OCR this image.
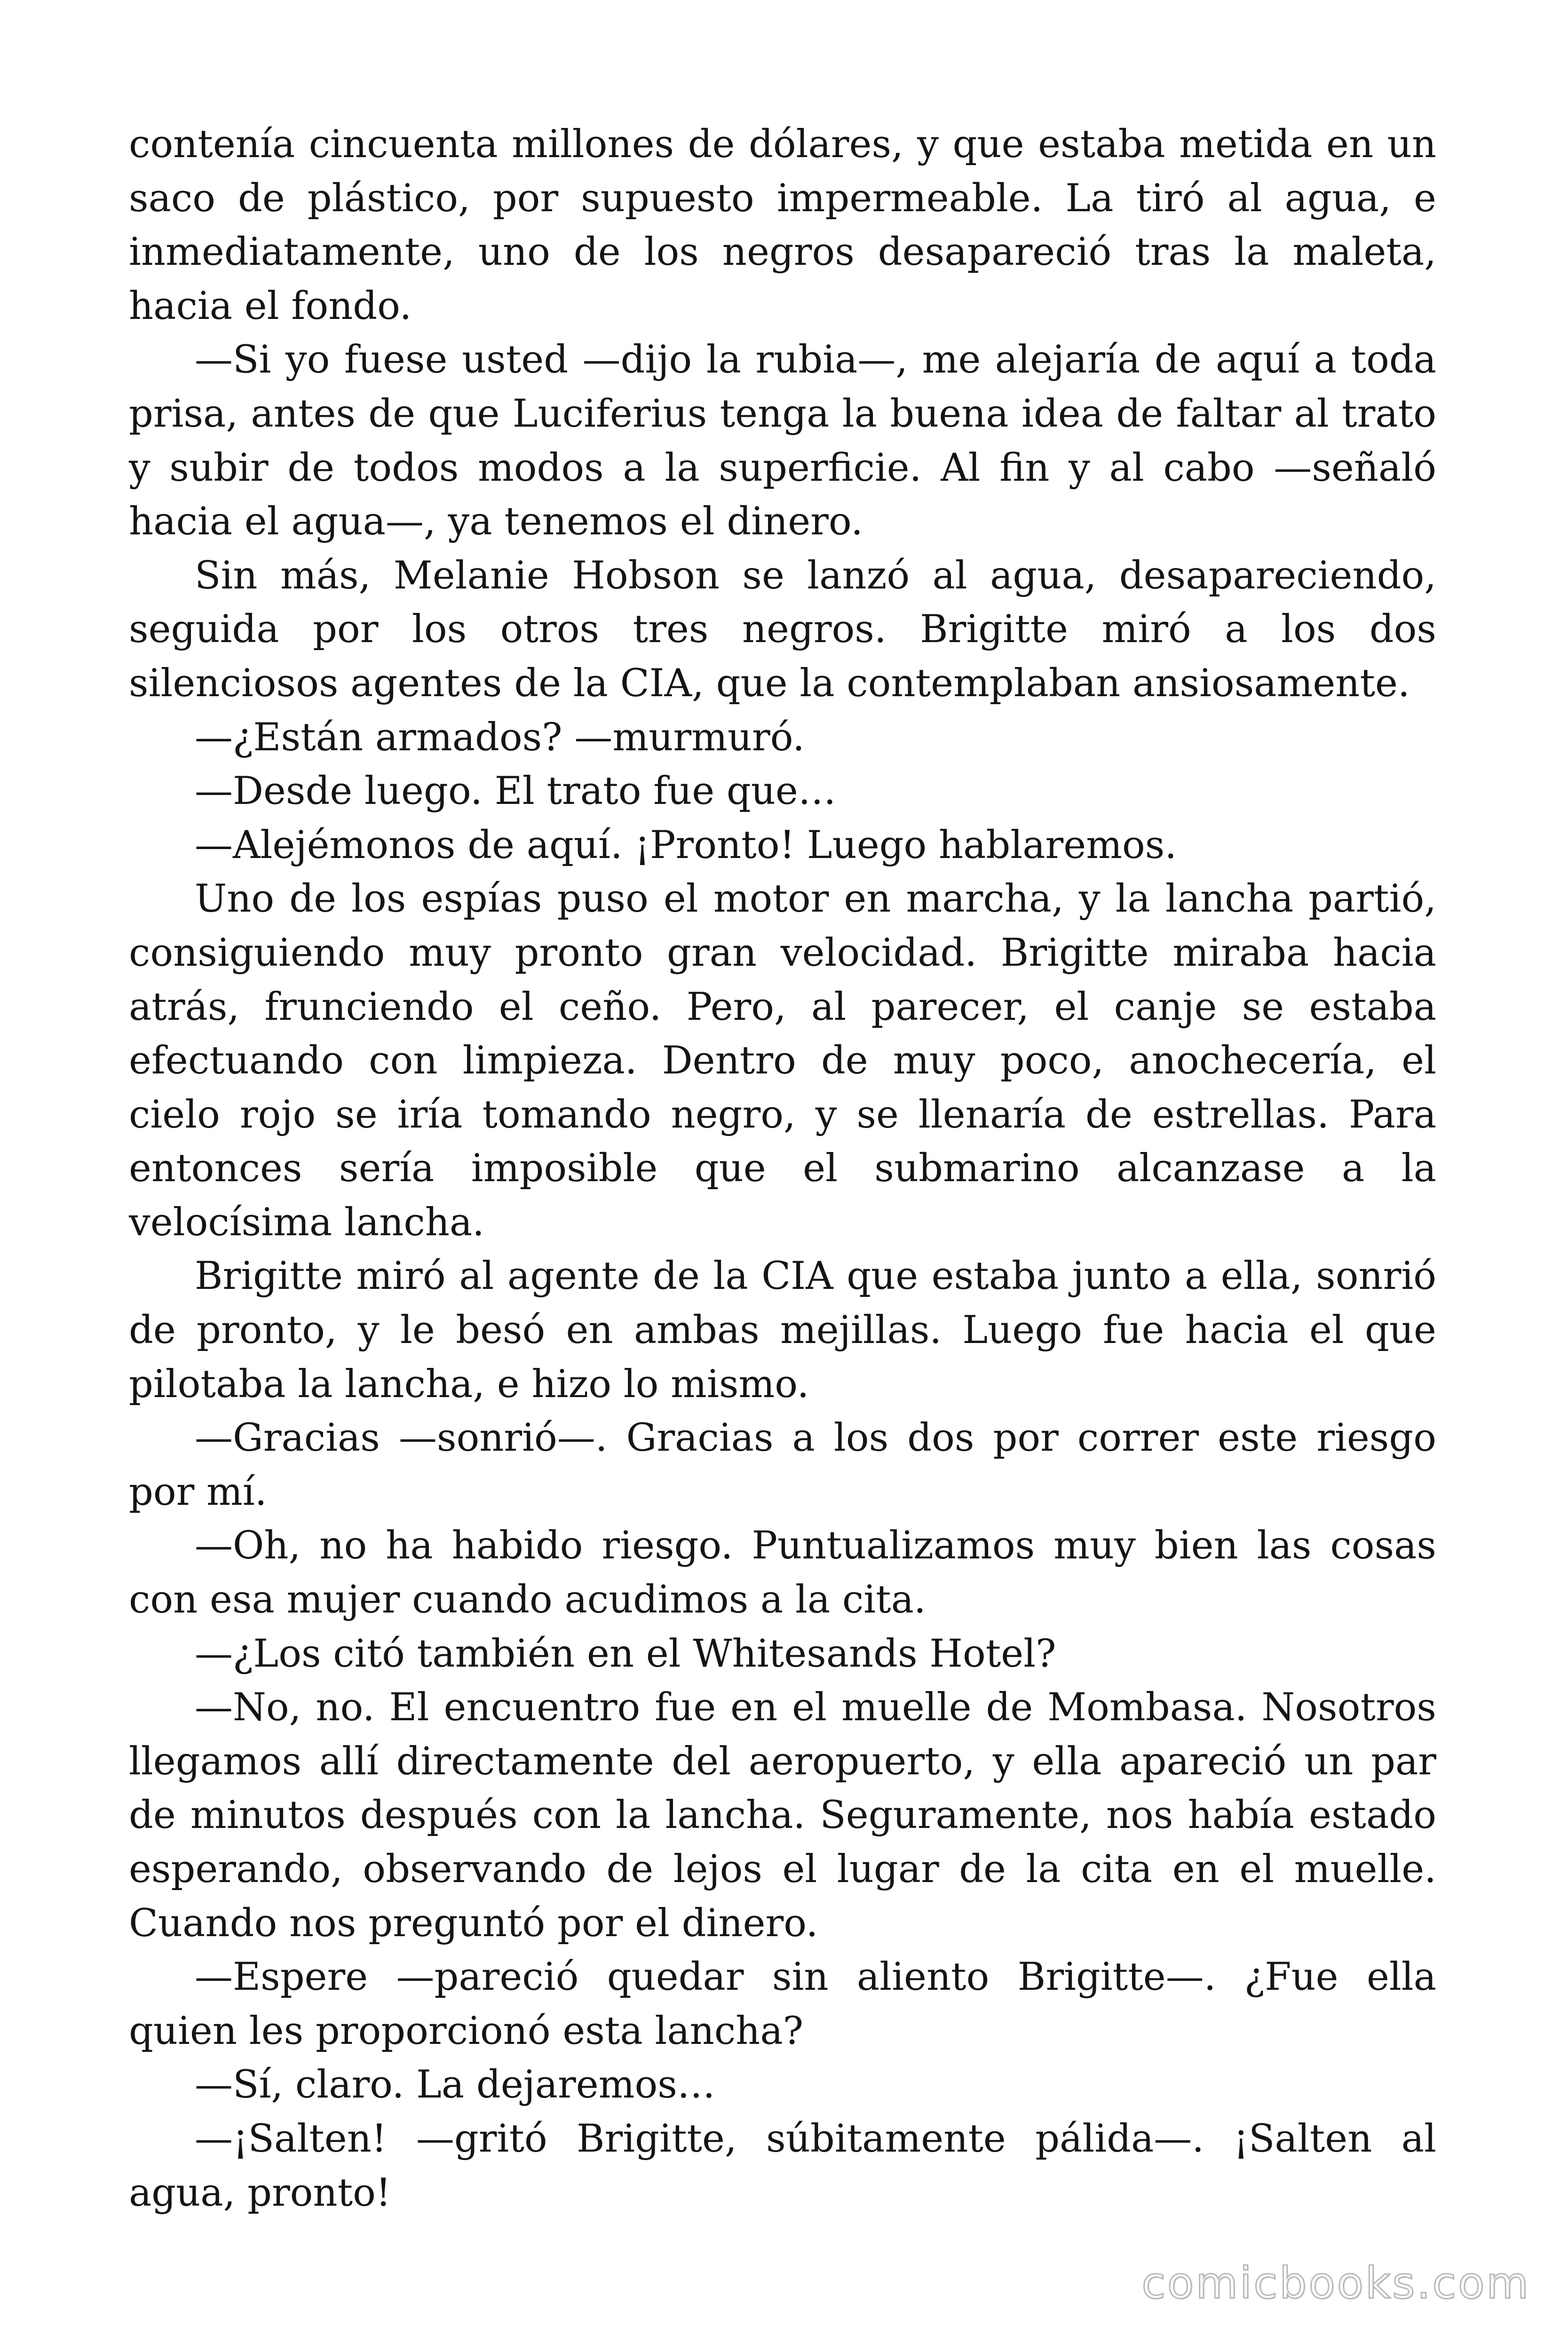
contenía cincuenta millones de dólares, y que estaba metida en un saco de plástico, por supuesto impermeable. La tiró al agua, e inmediatamente, uno de los negros desapareció tras la maleta, hacia el fondo.

—Si yo fuese usted —dijo la rubia—, me alejaría de aquí a toda prisa, antes de que Luciferius tenga la buena idea de faltar al trato y subir de todos modos a la superficie. Al fin y al cabo —señaló hacia el agua—, ya tenemos el dinero.

Sin más, Melanie Hobson se lanzó al agua, desapareciendo, seguida por los otros tres negros. Brigitte miró a los dos silenciosos agentes de la CIA, que la contemplaban ansiosamente.

—¿Están armados? —murmuró.

—Desde luego. El trato fue que…

—Alejémonos de aquí. ¡Pronto! Luego hablaremos.

Uno de los espías puso el motor en marcha, y la lancha partió, consiguiendo muy pronto gran velocidad. Brigitte miraba hacia atrás, frunciendo el ceño. Pero, al parecer, el canje se estaba efectuando con limpieza. Dentro de muy poco, anochecería, el cielo rojo se iría tomando negro, y se llenaría de estrellas. Para entonces sería imposible que el submarino alcanzase a la velocísima lancha.

Brigitte miró al agente de la CIA que estaba junto a ella, sonrió de pronto, y le besó en ambas mejillas. Luego fue hacia el que pilotaba la lancha, e hizo lo mismo.

—Gracias —sonrió—. Gracias a los dos por correr este riesgo por mí.

—Oh, no ha habido riesgo. Puntualizamos muy bien las cosas con esa mujer cuando acudimos a la cita.

—¿Los citó también en el Whitesands Hotel?

—No, no. El encuentro fue en el muelle de Mombasa. Nosotros llegamos allí directamente del aeropuerto, y ella apareció un par de minutos después con la lancha. Seguramente, nos había estado esperando, observando de lejos el lugar de la cita en el muelle. Cuando nos preguntó por el dinero.

—Espere —pareció quedar sin aliento Brigitte—. ¿Fue ella quien les proporcionó esta lancha?

—Sí, claro. La dejaremos…

—¡Salten! —gritó Brigitte, súbitamente pálida—. ¡Salten al agua, pronto!

comicbooks.com
